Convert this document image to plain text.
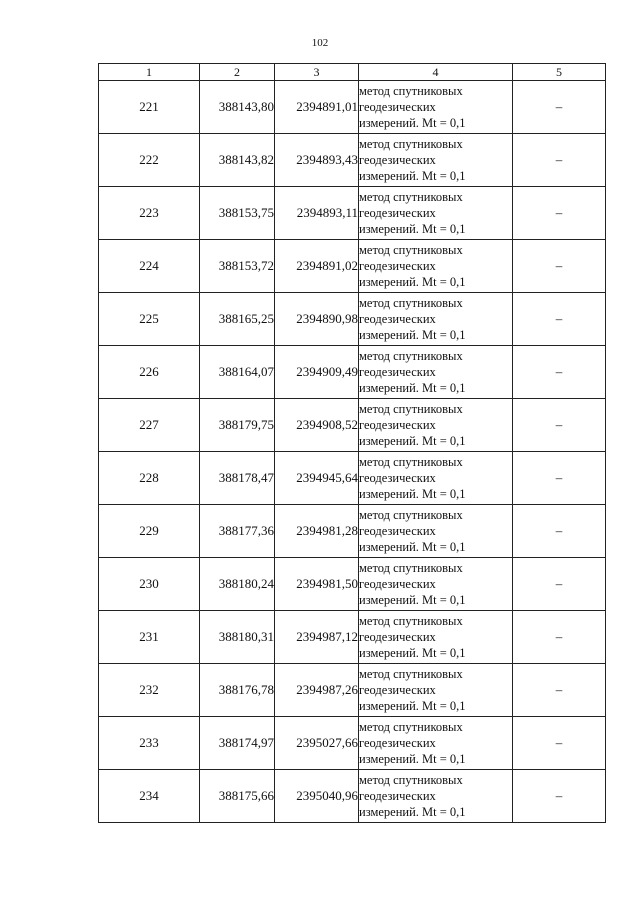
102
1	2	3	4	5
221	388143,80	2394891,01	метод спутниковых
геодезических
измерений. Mt = 0,1	–
222	388143,82	2394893,43	метод спутниковых
геодезических
измерений. Mt = 0,1	–
223	388153,75	2394893,11	метод спутниковых
геодезических
измерений. Mt = 0,1	–
224	388153,72	2394891,02	метод спутниковых
геодезических
измерений. Mt = 0,1	–
225	388165,25	2394890,98	метод спутниковых
геодезических
измерений. Mt = 0,1	–
226	388164,07	2394909,49	метод спутниковых
геодезических
измерений. Mt = 0,1	–
227	388179,75	2394908,52	метод спутниковых
геодезических
измерений. Mt = 0,1	–
228	388178,47	2394945,64	метод спутниковых
геодезических
измерений. Mt = 0,1	–
229	388177,36	2394981,28	метод спутниковых
геодезических
измерений. Mt = 0,1	–
230	388180,24	2394981,50	метод спутниковых
геодезических
измерений. Mt = 0,1	–
231	388180,31	2394987,12	метод спутниковых
геодезических
измерений. Mt = 0,1	–
232	388176,78	2394987,26	метод спутниковых
геодезических
измерений. Mt = 0,1	–
233	388174,97	2395027,66	метод спутниковых
геодезических
измерений. Mt = 0,1	–
234	388175,66	2395040,96	метод спутниковых
геодезических
измерений. Mt = 0,1	–
